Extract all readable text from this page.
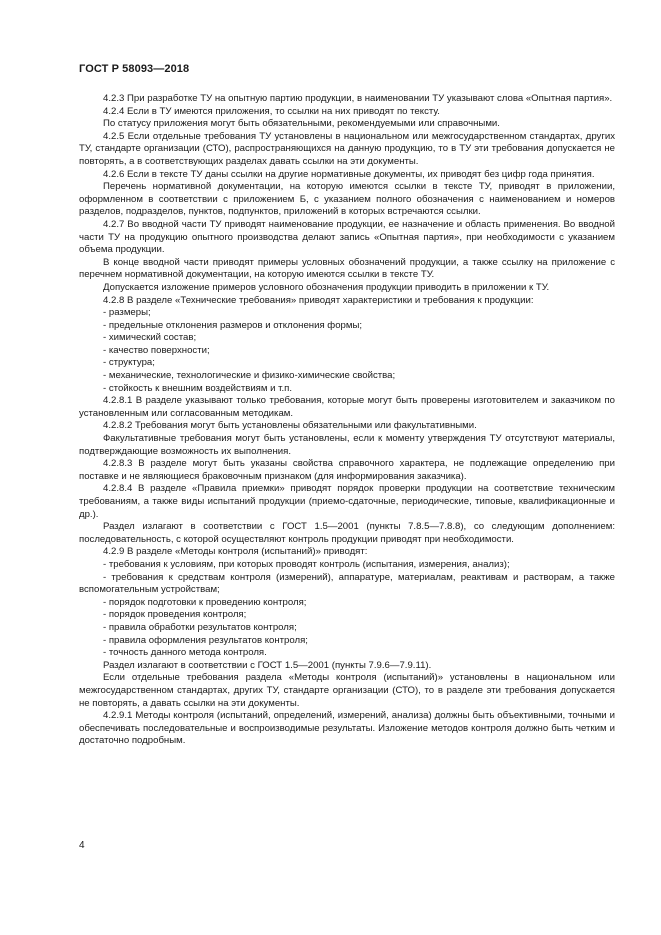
ГОСТ Р 58093—2018

4.2.3 При разработке ТУ на опытную партию продукции, в наименовании ТУ указывают слова «Опытная партия».

4.2.4 Если в ТУ имеются приложения, то ссылки на них приводят по тексту.

По статусу приложения могут быть обязательными, рекомендуемыми или справочными.

4.2.5 Если отдельные требования ТУ установлены в национальном или межгосударственном стандартах, других ТУ, стандарте организации (СТО), распространяющихся на данную продукцию, то в ТУ эти требования допускается не повторять, а в соответствующих разделах давать ссылки на эти документы.

4.2.6 Если в тексте ТУ даны ссылки на другие нормативные документы, их приводят без цифр года принятия.

Перечень нормативной документации, на которую имеются ссылки в тексте ТУ, приводят в приложении, оформленном в соответствии с приложением Б, с указанием полного обозначения с наименованием и номеров разделов, подразделов, пунктов, подпунктов, приложений в которых встречаются ссылки.

4.2.7 Во вводной части ТУ приводят наименование продукции, ее назначение и область применения. Во вводной части ТУ на продукцию опытного производства делают запись «Опытная партия», при необходимости с указанием объема продукции.

В конце вводной части приводят примеры условных обозначений продукции, а также ссылку на приложение с перечнем нормативной документации, на которую имеются ссылки в тексте ТУ.

Допускается изложение примеров условного обозначения продукции приводить в приложении к ТУ.

4.2.8 В разделе «Технические требования» приводят характеристики и требования к продукции:

- размеры;

- предельные отклонения размеров и отклонения формы;

- химический состав;

- качество поверхности;

- структура;

- механические, технологические и физико-химические свойства;

- стойкость к внешним воздействиям и т.п.

4.2.8.1 В разделе указывают только требования, которые могут быть проверены изготовителем и заказчиком по установленным или согласованным методикам.

4.2.8.2 Требования могут быть установлены обязательными или факультативными.

Факультативные требования могут быть установлены, если к моменту утверждения ТУ отсутствуют материалы, подтверждающие возможность их выполнения.

4.2.8.3 В разделе могут быть указаны свойства справочного характера, не подлежащие определению при поставке и не являющиеся браковочным признаком (для информирования заказчика).

4.2.8.4 В разделе «Правила приемки» приводят порядок проверки продукции на соответствие техническим требованиям, а также виды испытаний продукции (приемо-сдаточные, периодические, типовые, квалификационные и др.).

Раздел излагают в соответствии с ГОСТ 1.5—2001 (пункты 7.8.5—7.8.8), со следующим дополнением: последовательность, с которой осуществляют контроль продукции приводят при необходимости.

4.2.9 В разделе «Методы контроля (испытаний)» приводят:

- требования к условиям, при которых проводят контроль (испытания, измерения, анализ);

- требования к средствам контроля (измерений), аппаратуре, материалам, реактивам и растворам, а также вспомогательным устройствам;

- порядок подготовки к проведению контроля;

- порядок проведения контроля;

- правила обработки результатов контроля;

- правила оформления результатов контроля;

- точность данного метода контроля.

Раздел излагают в соответствии с ГОСТ 1.5—2001 (пункты 7.9.6—7.9.11).

Если отдельные требования раздела «Методы контроля (испытаний)» установлены в национальном или межгосударственном стандартах, других ТУ, стандарте организации (СТО), то в разделе эти требования допускается не повторять, а давать ссылки на эти документы.

4.2.9.1 Методы контроля (испытаний, определений, измерений, анализа) должны быть объективными, точными и обеспечивать последовательные и воспроизводимые результаты. Изложение методов контроля должно быть четким и достаточно подробным.

4
